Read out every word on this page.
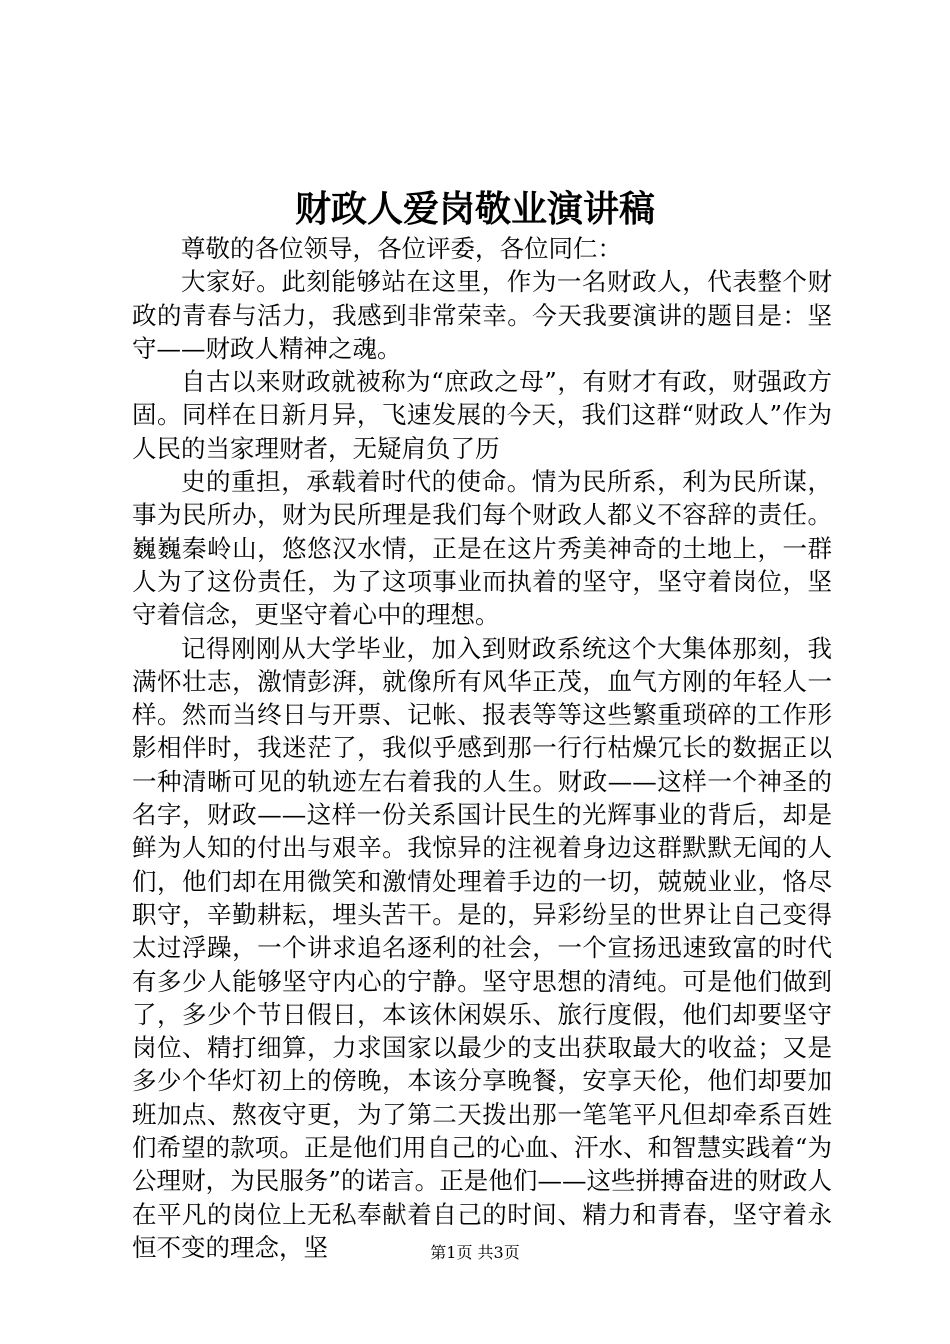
财政人爱岗敬业演讲稿

尊敬的各位领导，各位评委，各位同仁：

大家好。此刻能够站在这里，作为一名财政人，代表整个财政的青春与活力，我感到非常荣幸。今天我要演讲的题目是：坚守——财政人精神之魂。

自古以来财政就被称为“庶政之母”，有财才有政，财强政方固。同样在日新月异，飞速发展的今天，我们这群“财政人”作为人民的当家理财者，无疑肩负了历

史的重担，承载着时代的使命。情为民所系，利为民所谋，事为民所办，财为民所理是我们每个财政人都义不容辞的责任。巍巍秦岭山，悠悠汉水情，正是在这片秀美神奇的土地上，一群人为了这份责任，为了这项事业而执着的坚守，坚守着岗位，坚守着信念，更坚守着心中的理想。

记得刚刚从大学毕业，加入到财政系统这个大集体那刻，我满怀壮志，激情彭湃，就像所有风华正茂，血气方刚的年轻人一样。然而当终日与开票、记帐、报表等等这些繁重琐碎的工作形影相伴时，我迷茫了，我似乎感到那一行行枯燥冗长的数据正以一种清晰可见的轨迹左右着我的人生。财政——这样一个神圣的名字，财政——这样一份关系国计民生的光辉事业的背后，却是鲜为人知的付出与艰辛。我惊异的注视着身边这群默默无闻的人们，他们却在用微笑和激情处理着手边的一切，兢兢业业，恪尽职守，辛勤耕耘，埋头苦干。是的，异彩纷呈的世界让自己变得太过浮躁，一个讲求追名逐利的社会，一个宣扬迅速致富的时代有多少人能够坚守内心的宁静。坚守思想的清纯。可是他们做到了，多少个节日假日，本该休闲娱乐、旅行度假，他们却要坚守岗位、精打细算，力求国家以最少的支出获取最大的收益；又是多少个华灯初上的傍晚，本该分享晚餐，安享天伦，他们却要加班加点、熬夜守更，为了第二天拨出那一笔笔平凡但却牵系百姓们希望的款项。正是他们用自己的心血、汗水、和智慧实践着“为公理财，为民服务”的诺言。正是他们——这些拼搏奋进的财政人在平凡的岗位上无私奉献着自己的时间、精力和青春，坚守着永恒不变的理念，坚	第1页 共3页
